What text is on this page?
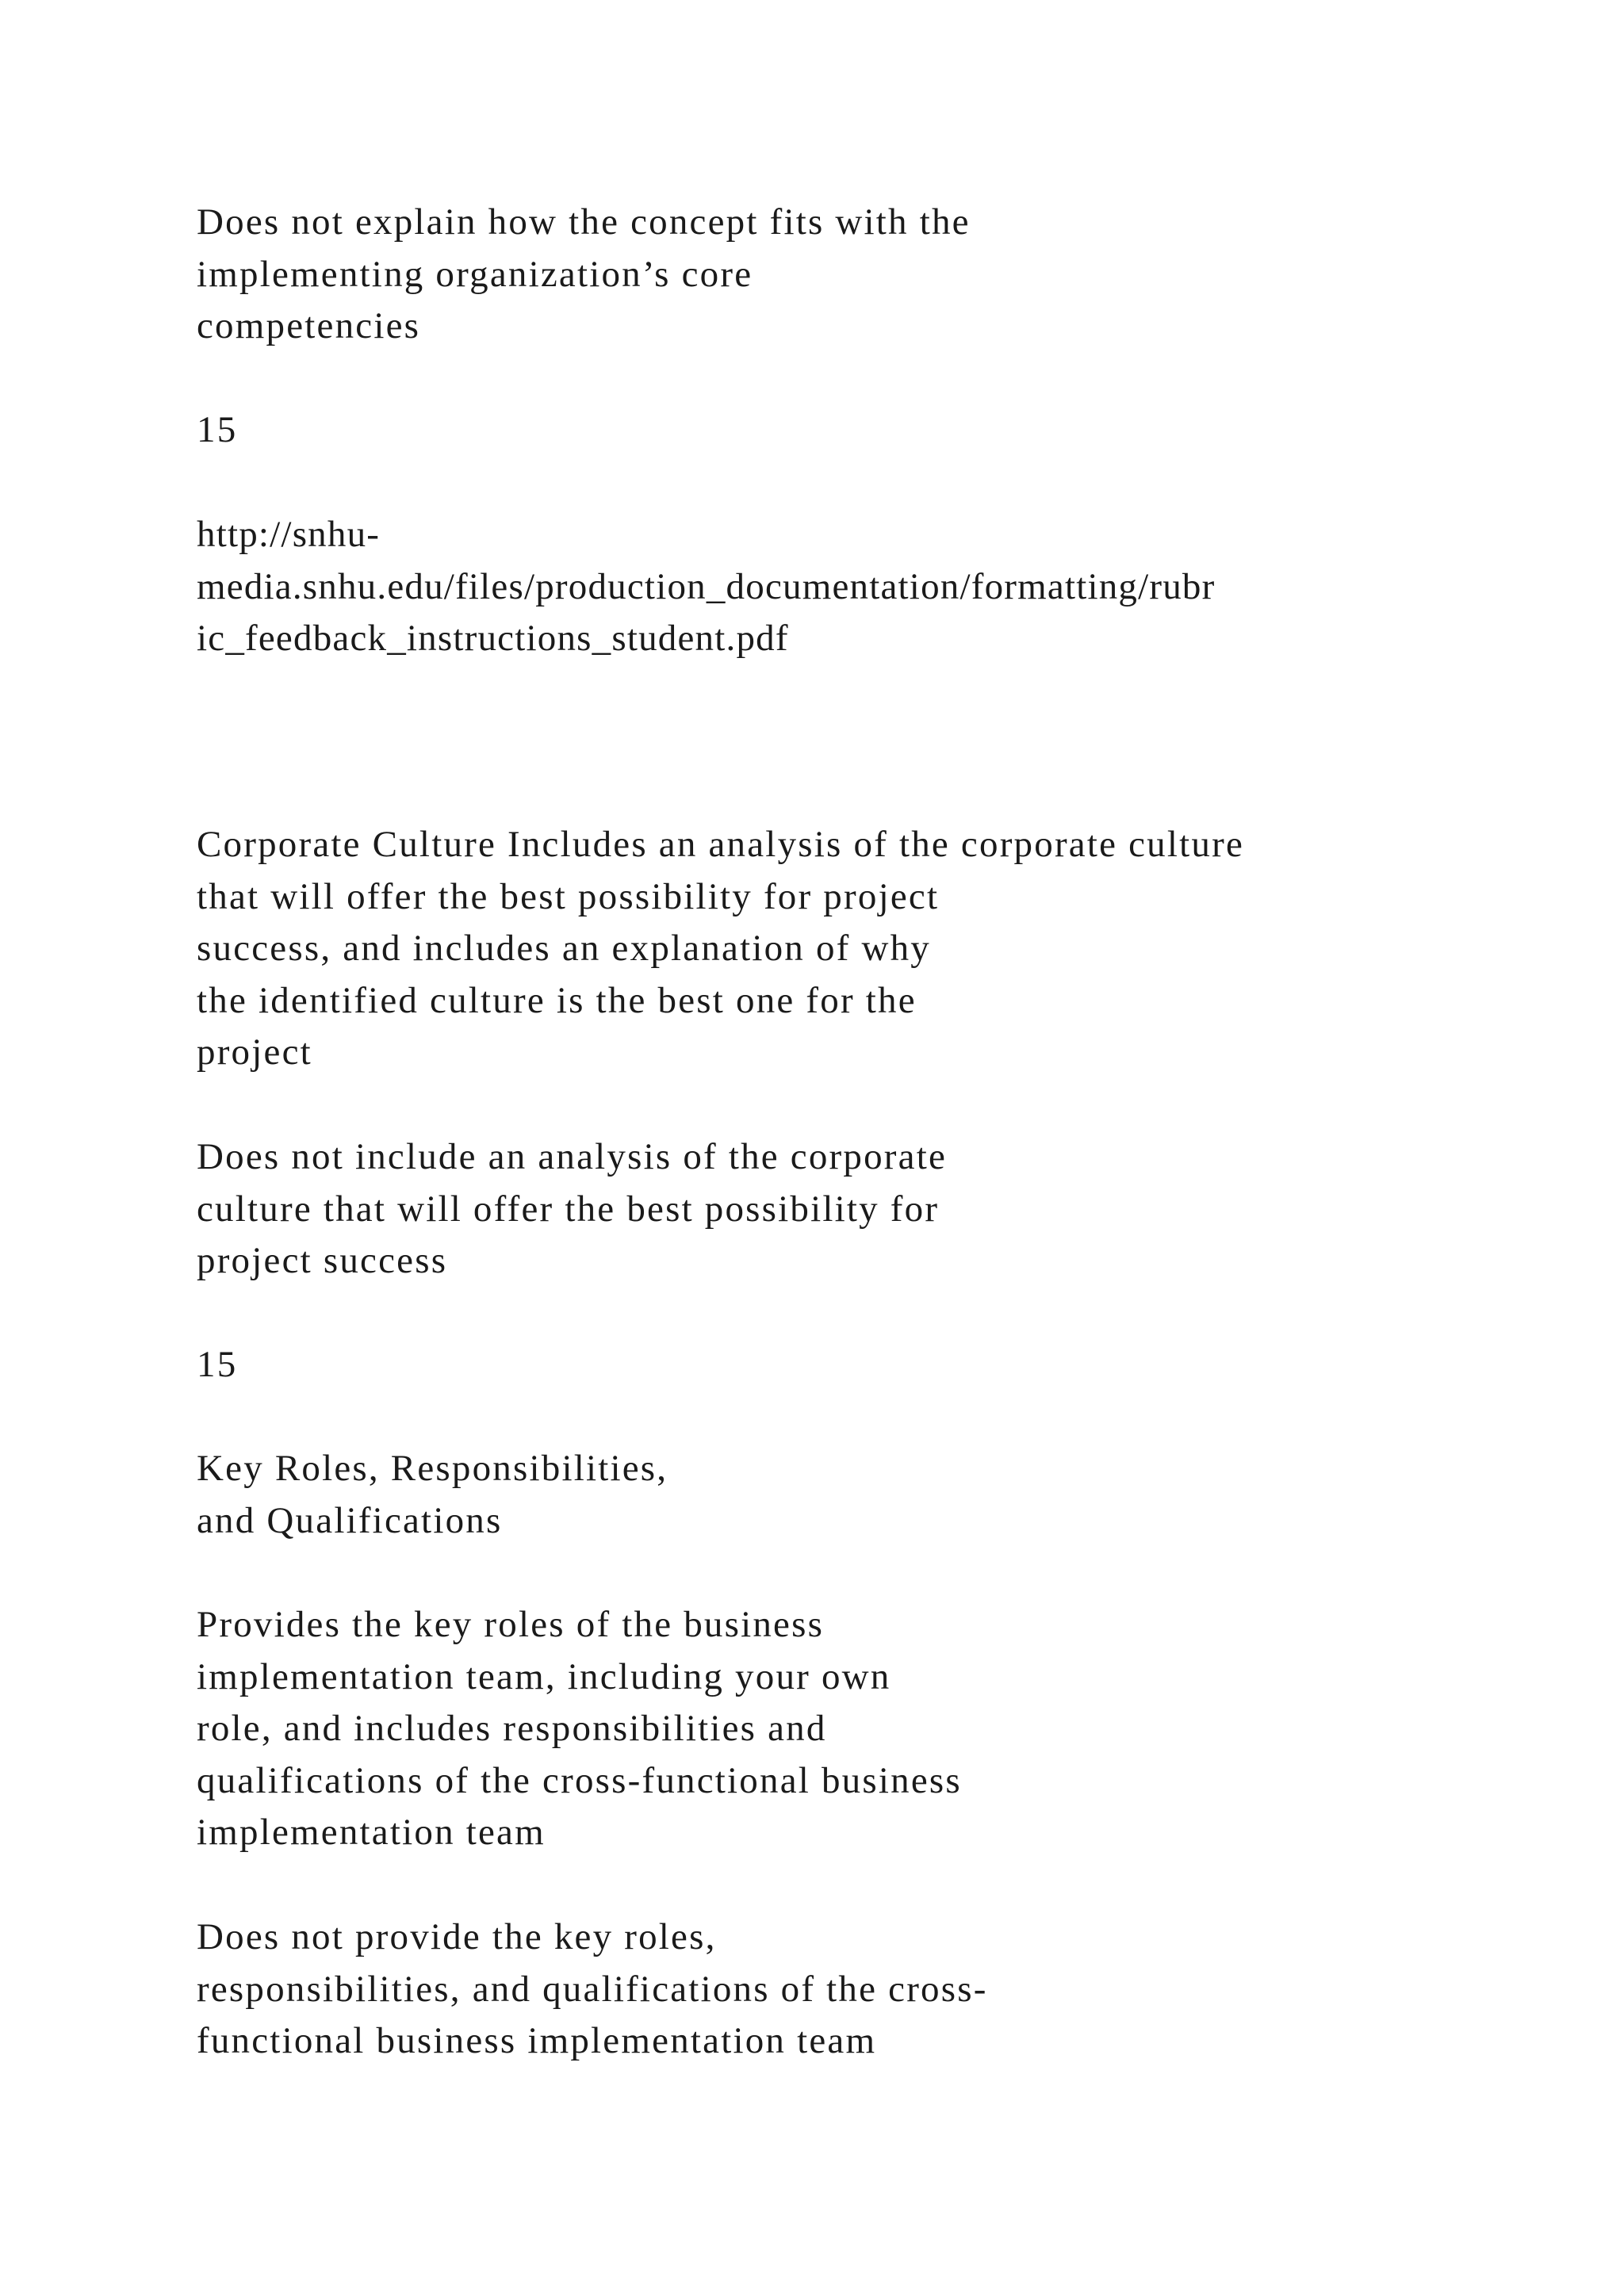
Does not explain how the concept fits with the
implementing organization’s core
competencies
15
http://snhu-
media.snhu.edu/files/production_documentation/formatting/rubr
ic_feedback_instructions_student.pdf
Corporate Culture Includes an analysis of the corporate culture
that will offer the best possibility for project
success, and includes an explanation of why
the identified culture is the best one for the
project
Does not include an analysis of the corporate
culture that will offer the best possibility for
project success
15
Key Roles, Responsibilities,
and Qualifications
Provides the key roles of the business
implementation team, including your own
role, and includes responsibilities and
qualifications of the cross-functional business
implementation team
Does not provide the key roles,
responsibilities, and qualifications of the cross-
functional business implementation team
